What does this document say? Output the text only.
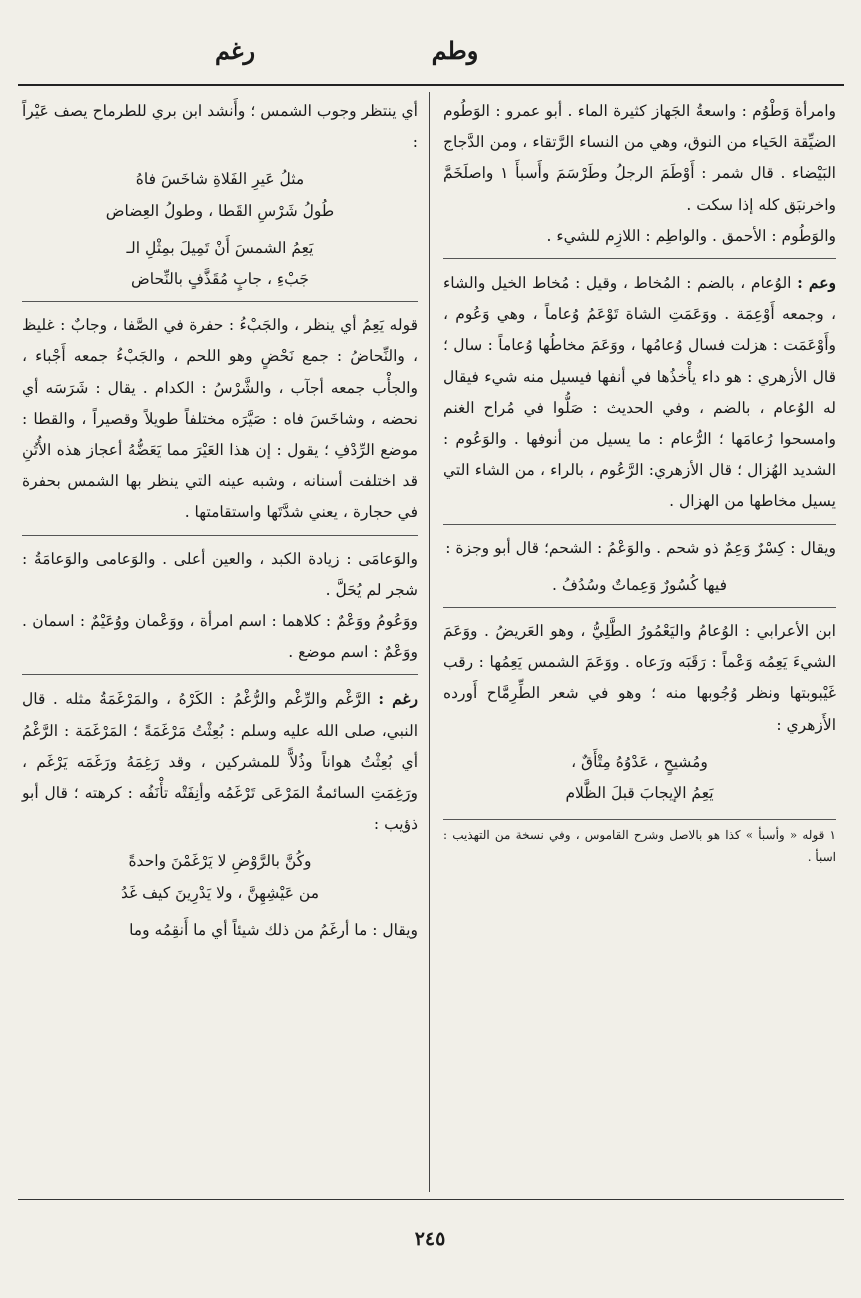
وطم
رغم

وامرأة وَطْوُم : واسعةُ الجَهاز كثيرة الماء . أبو عمرو : الوَطُوم الضيِّقة الحَياء من النوق، وهي من النساء الرَّتقاء ، ومن الدَّجاج البَيْضاء . قال شمر : أَوْطَمَ الرجلُ وطَرْسَمَ وأَسبأَ ١ واصلَخَمَّ واخرنبَق كله إذا سكت .

والوَطُوم : الأحمق . والواطِم : اللازِم للشيء .

وعم : الوُعام ، بالضم : المُخاط ، وقيل : مُخاط الخيل والشاء ، وجمعه أَوْعِمَة . ووَعَمَتِ الشاة تَوْعَمُ وُعاماً ، وهي وَعُوم ، وأَوْعَمَت : هزلت فسال وُعامُها ، ووَعَمَ مخاطُها وُعاماً : سال ؛ قال الأزهري : هو داء يأْخذُها في أنفها فيسيل منه شيء فيقال له الوُعام ، بالضم ، وفي الحديث : صَلُّوا في مُراح الغنم وامسحوا رُعامَها ؛ الرُّعام : ما يسيل من أنوفها . والوَعُوم : الشديد الهُزال ؛ قال الأزهري: الرَّعُوم ، بالراء ، من الشاء التي يسيل مخاطها من الهزال .

ويقال : كِسْرٌ وَعِمٌ ذو شحم . والوَعْمُ : الشحم؛ قال أبو وجزة :

فيها كُسُورٌ وَعِماتٌ وسُدُفُ .

ابن الأعرابي : الوُعامُ واليَعْمُورُ الطَّلِيُّ ، وهو العَريضُ . ووَعَمَ الشيءَ يَعِمُه وَعْماً : رَقَبَه ورَعاه . ووَعَمَ الشمس يَعِمُها : رقب غَيْبوبتها ونظر وُجُوبها منه ؛ وهو في شعر الطِّرِمَّاح أَورده الأَزهري :

ومُشيحٍ ، عَدْوُهُ مِتْأَقٌ ،

يَعِمُ الإيجابَ قبلَ الظَّلام

١ قوله « وأسبأ » كذا هو بالاصل وشرح القاموس ، وفي نسخة من التهذيب : اسبأ .

أي ينتظر وجوب الشمس ؛ وأَنشد ابن بري للطرماح يصف عَيْراً :

مثلُ عَيرِ الفَلاةِ شاخَسَ فاهُ

طُولُ شَرْسِ القَطا ، وطولُ العِضاض

يَعِمُ الشمسَ أَنْ تَمِيلَ بمِثْلِ الـ

جَبْءِ ، جابٍ مُقَذَّفٍ بالنِّحاض

قوله يَعِمُ أي ينظر ، والجَبْءُ : حفرة في الصَّفا ، وجابٌ : غليظ ، والنِّحاضُ : جمع نَحْضٍ وهو اللحم ، والجَبْءُ جمعه أَجْباء ، والجأْب جمعه أجآب ، والشَّرْسُ : الكدام . يقال : شَرَسَه أي نحضه ، وشاخَسَ فاه : صَيَّرَه مختلفاً طويلاً وقصيراً ، والقطا : موضع الرِّدْفِ ؛ يقول : إن هذا العَيْرَ مما يَعَضُّهُ أعجاز هذه الأُتُنِ قد اختلفت أسنانه ، وشبه عينه التي ينظر بها الشمس بحفرة في حجارة ، يعني شدَّتَها واستقامتها .

والوَعامَى : زيادة الكبد ، والعين أعلى . والوَعامى والوَعامَةُ : شجر لم يُحَلَّ .

ووَعُومُ ووَعْمٌ : كلاهما : اسم امرأة ، ووَعْمان ووُعَيْمٌ : اسمان . ووَعْمٌ : اسم موضع .

رغم : الرَّغْم والرِّغْم والرُّغْمُ : الكَرْهُ ، والمَرْغَمَةُ مثله . قال النبي، صلى الله عليه وسلم : بُعِثْتُ مَرْغَمَةً ؛ المَرْغَمَة : الرَّغْمُ أي بُعِثْتُ هواناً وذُلاًّ للمشركين ، وقد رَغِمَهُ ورَغَمَه يَرْغَم ، ورَغِمَتِ السائمةُ المَرْعَى تَرْغَمُه وأنِفَتْه تأْنَفُه : كرهته ؛ قال أبو ذؤيب :

وكُنَّ بالرَّوْضِ لا يَرْغَمْنَ واحدةً

من عَيْشِهِنَّ ، ولا يَدْرِينَ كيف غَدُ

ويقال : ما أرغَمُ من ذلك شيئاً أي ما أَنقِمُه وما

٢٤٥
